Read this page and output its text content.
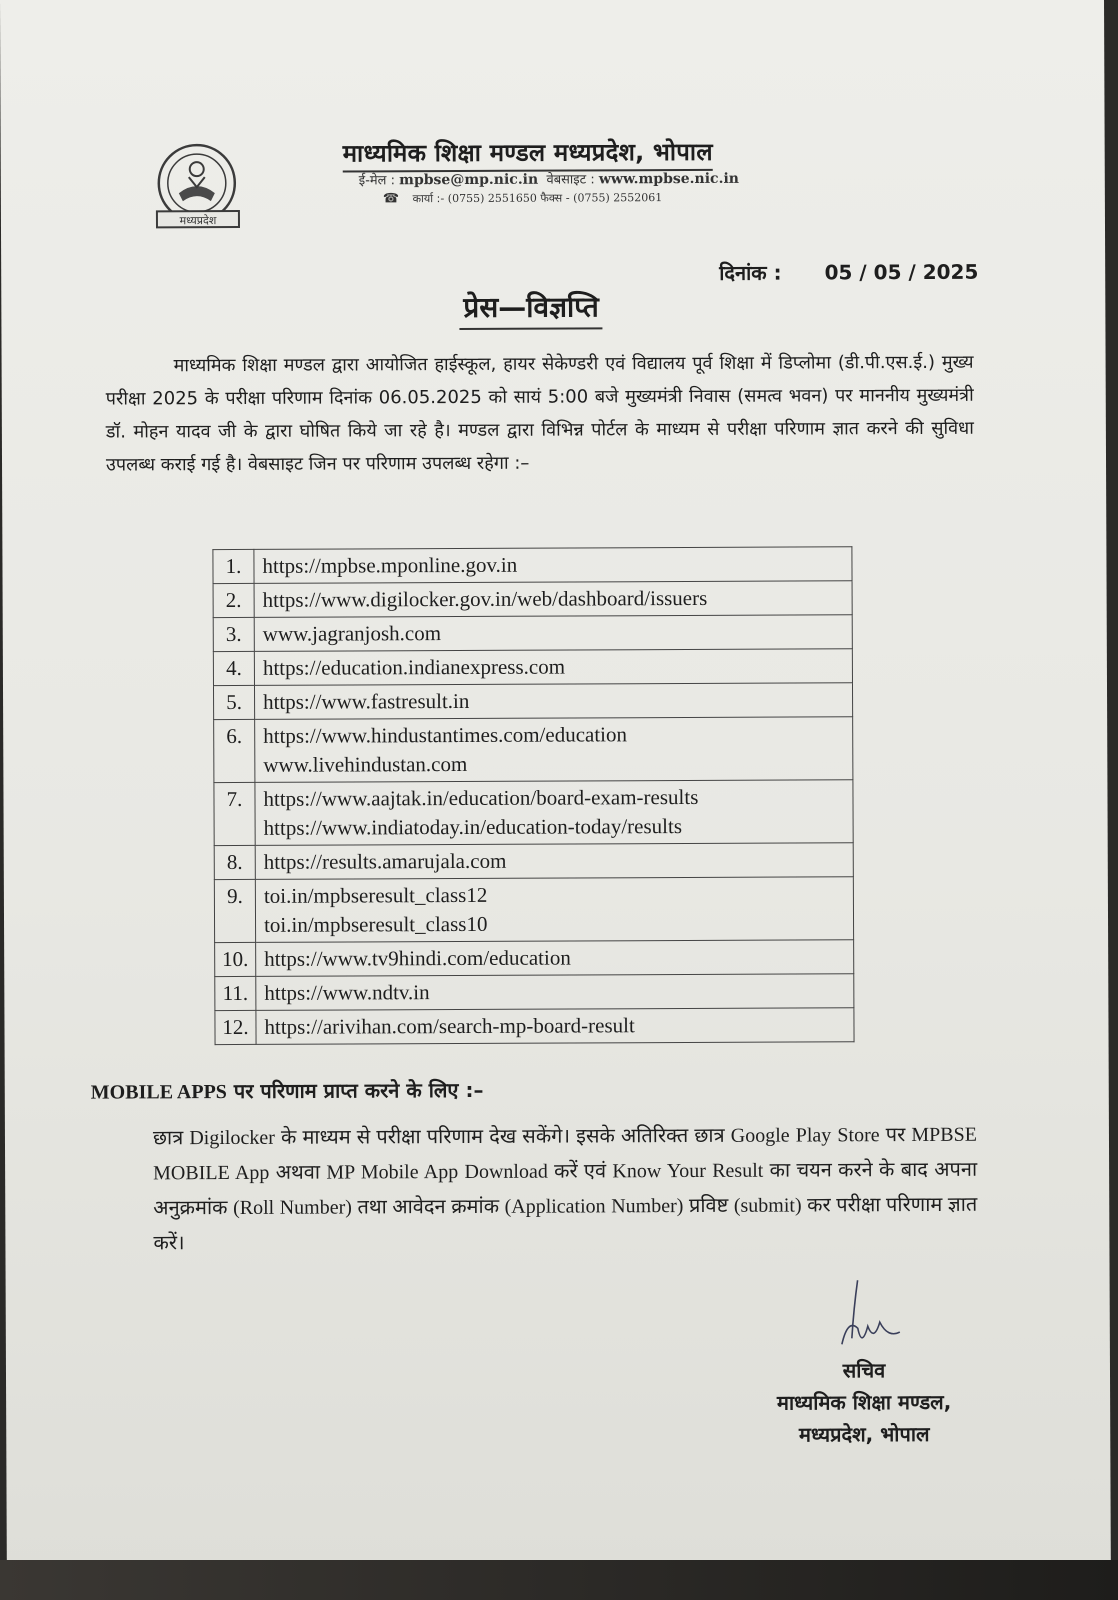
मध्यप्रदेश
माध्यमिक शिक्षा मण्डल मध्यप्रदेश, भोपाल
ई-मेल : mpbse@mp.nic.in वेबसाइट : www.mpbse.nic.in
☎ कार्या :- (0755) 2551650 फैक्स - (0755) 2552061
दिनांक : 05 / 05 / 2025
प्रेस—विज्ञप्ति
माध्यमिक शिक्षा मण्डल द्वारा आयोजित हाईस्कूल, हायर सेकेण्डरी एवं विद्यालय पूर्व शिक्षा में डिप्लोमा (डी.पी.एस.ई.) मुख्य परीक्षा 2025 के परीक्षा परिणाम दिनांक 06.05.2025 को सायं 5:00 बजे मुख्यमंत्री निवास (समत्व भवन) पर माननीय मुख्यमंत्री डॉ. मोहन यादव जी के द्वारा घोषित किये जा रहे है। मण्डल द्वारा विभिन्न पोर्टल के माध्यम से परीक्षा परिणाम ज्ञात करने की सुविधा उपलब्ध कराई गई है। वेबसाइट जिन पर परिणाम उपलब्ध रहेगा :–
1.	https://mpbse.mponline.gov.in

2.	https://www.digilocker.gov.in/web/dashboard/issuers

3.	www.jagranjosh.com

4.	https://education.indianexpress.com

5.	https://www.fastresult.in

6.	https://www.hindustantimes.com/education
www.livehindustan.com

7.	https://www.aajtak.in/education/board-exam-results
https://www.indiatoday.in/education-today/results

8.	https://results.amarujala.com

9.	toi.in/mpbseresult_class12
toi.in/mpbseresult_class10

10.	https://www.tv9hindi.com/education

11.	https://www.ndtv.in

12.	https://arivihan.com/search-mp-board-result
MOBILE APPS पर परिणाम प्राप्त करने के लिए :–
छात्र Digilocker के माध्यम से परीक्षा परिणाम देख सकेंगे। इसके अतिरिक्त छात्र Google Play Store पर MPBSE MOBILE App अथवा MP Mobile App Download करें एवं Know Your Result का चयन करने के बाद अपना अनुक्रमांक (Roll Number) तथा आवेदन क्रमांक (Application Number) प्रविष्ट (submit) कर परीक्षा परिणाम ज्ञात करें।
सचिव
माध्यमिक शिक्षा मण्डल,
मध्यप्रदेश, भोपाल
